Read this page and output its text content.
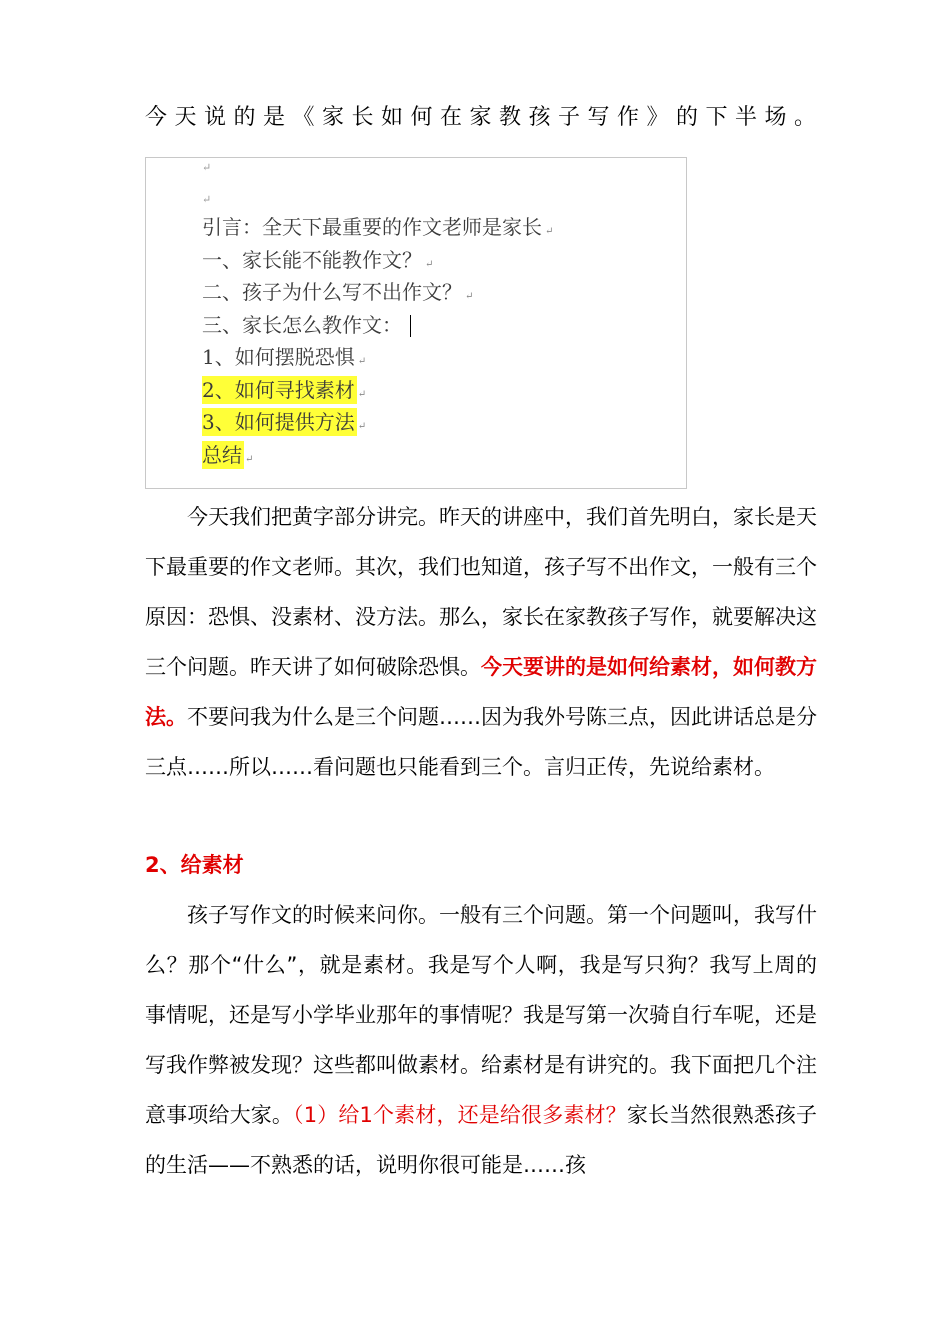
今天说的是《家长如何在家教孩子写作》的下半场。
↵
↵
引言：全天下最重要的作文老师是家长 ↵
一、家长能不能教作文？ ↵
二、孩子为什么写不出作文？ ↵
三、家长怎么教作文：
1、如何摆脱恐惧 ↵
2、如何寻找素材 ↵
3、如何提供方法 ↵
总结 ↵
今天我们把黄字部分讲完。昨天的讲座中，我们首先明白，家长是天下最重要的作文老师。其次，我们也知道，孩子写不出作文，一般有三个原因：恐惧、没素材、没方法。那么，家长在家教孩子写作，就要解决这三个问题。昨天讲了如何破除恐惧。今天要讲的是如何给素材，如何教方法。不要问我为什么是三个问题……因为我外号陈三点，因此讲话总是分三点……所以……看问题也只能看到三个。言归正传，先说给素材。
2、给素材
孩子写作文的时候来问你。一般有三个问题。第一个问题叫，我写什么？那个“什么”，就是素材。我是写个人啊，我是写只狗？我写上周的事情呢，还是写小学毕业那年的事情呢？我是写第一次骑自行车呢，还是写我作弊被发现？这些都叫做素材。给素材是有讲究的。我下面把几个注意事项给大家。（1）给1个素材，还是给很多素材？家长当然很熟悉孩子的生活——不熟悉的话，说明你很可能是……孩
